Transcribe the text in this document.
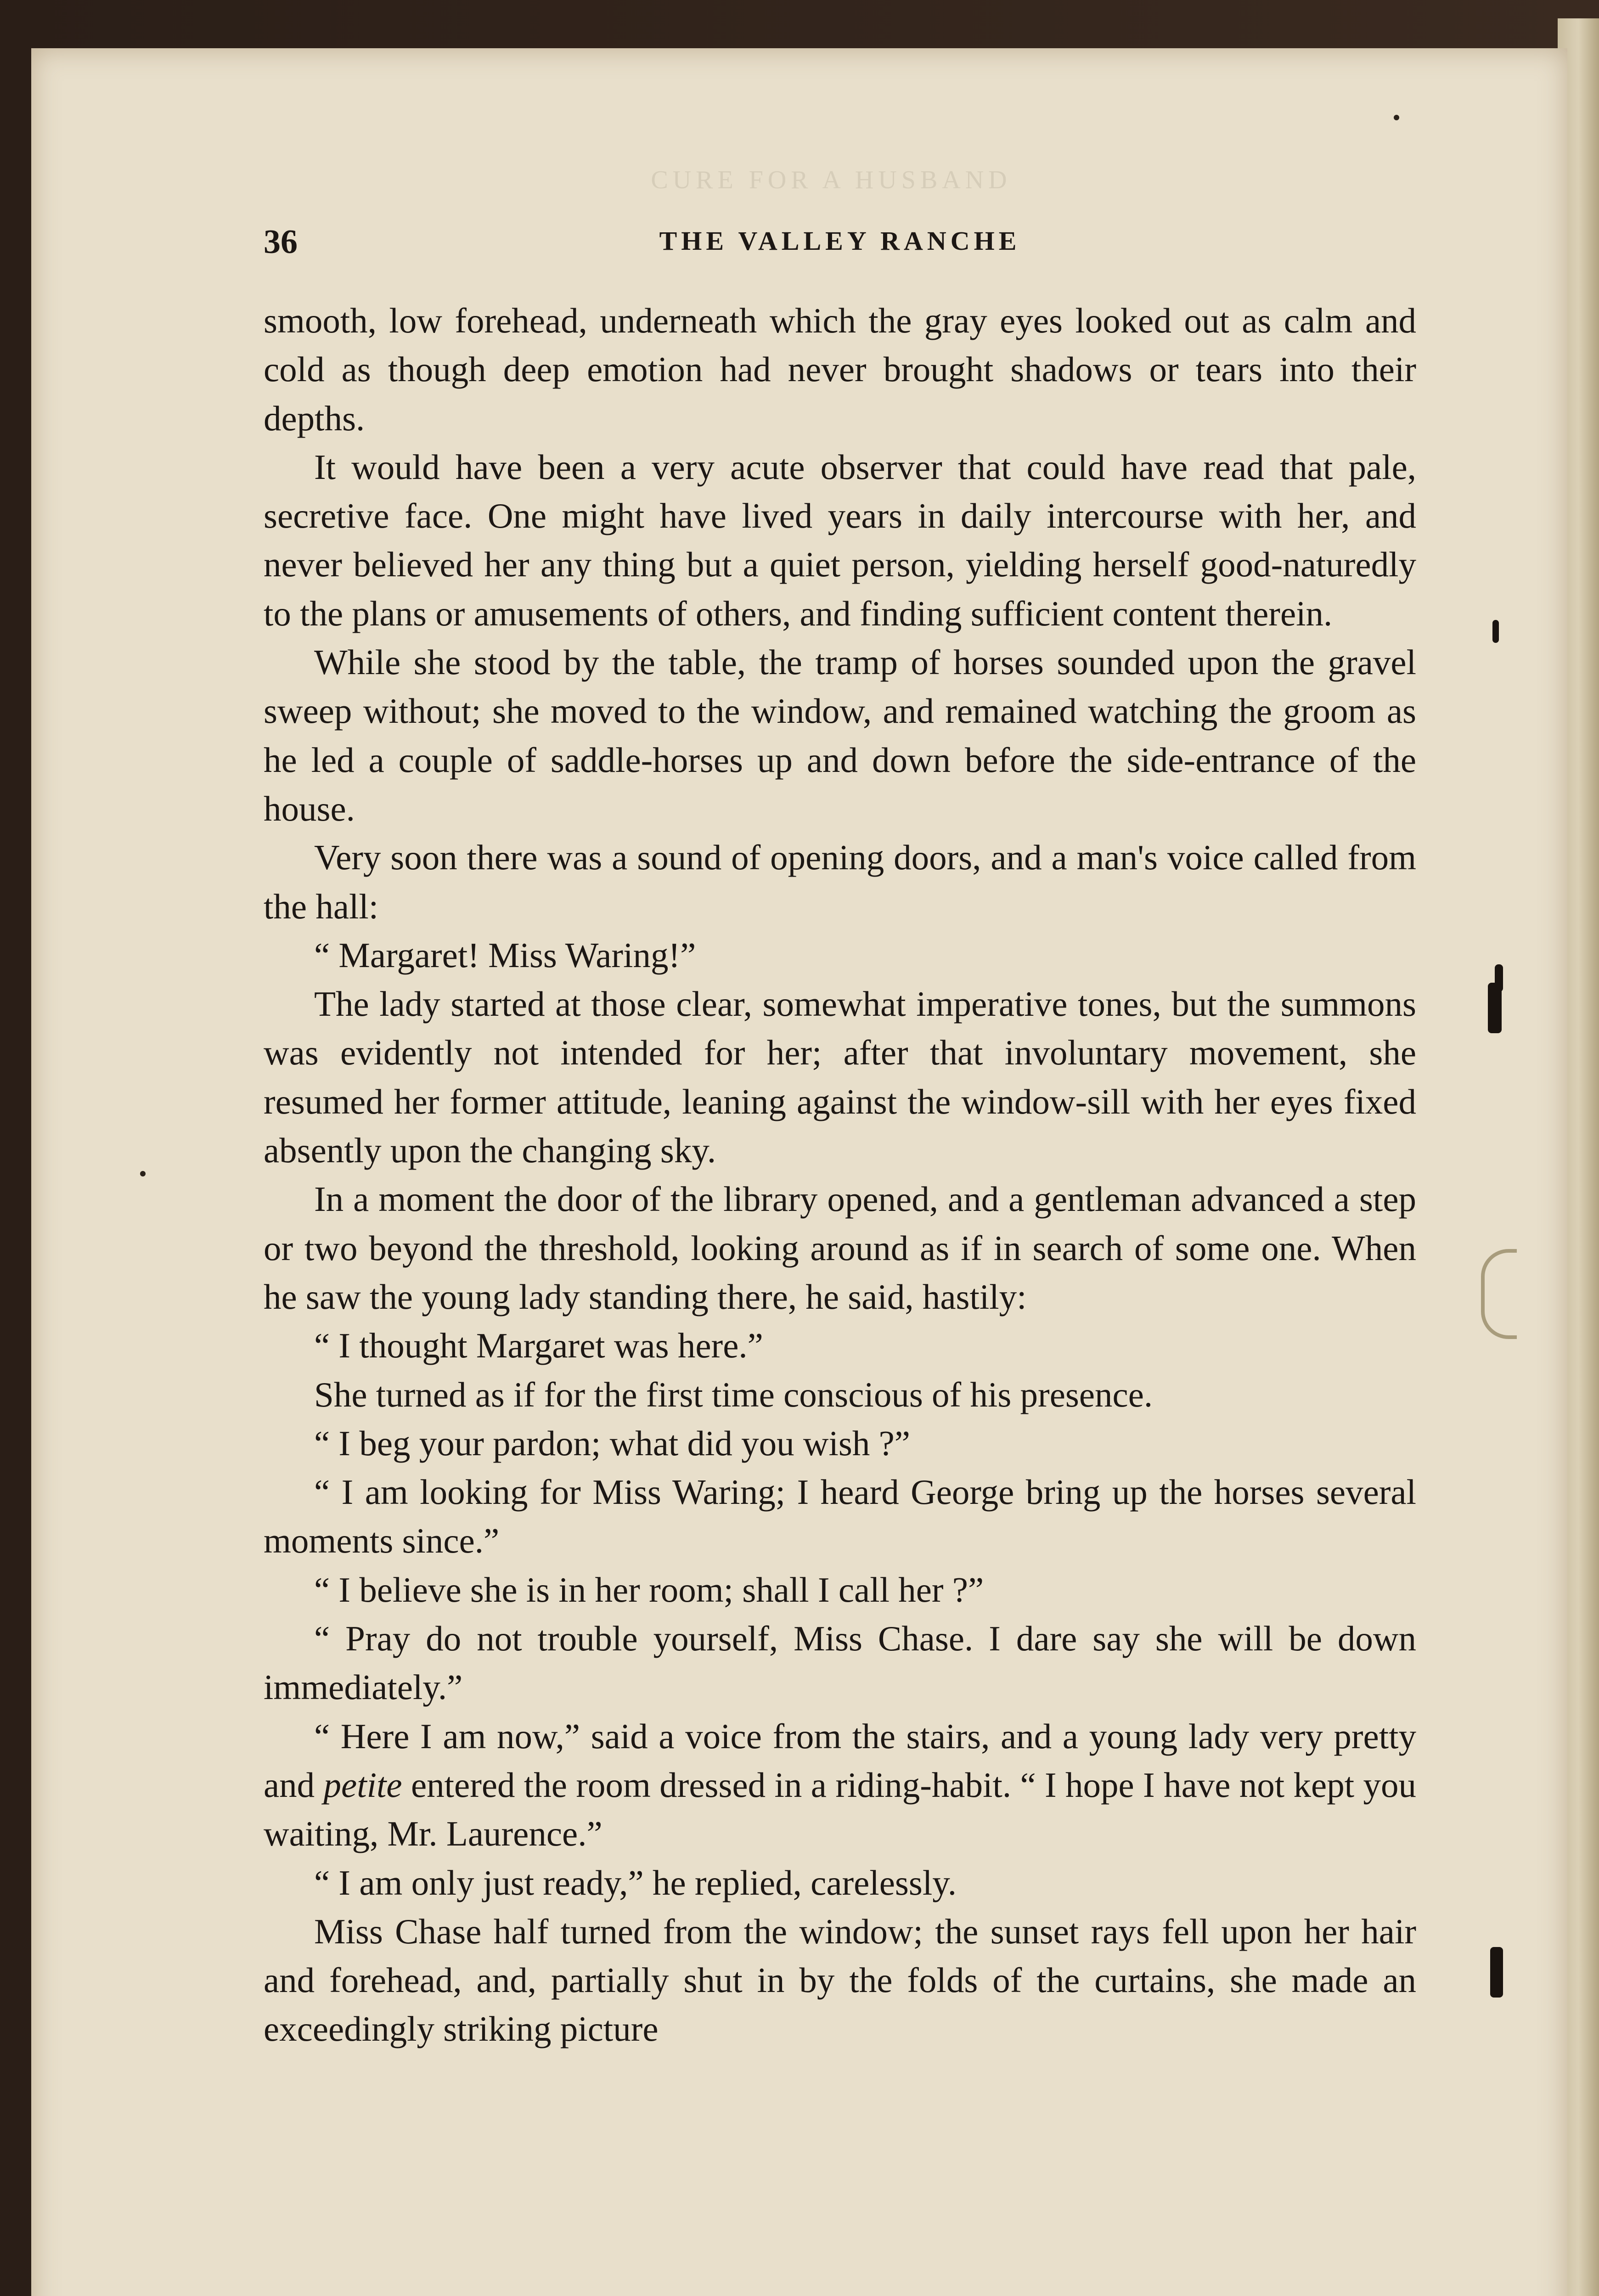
CURE FOR A HUSBAND
36	THE VALLEY RANCHE

smooth, low forehead, underneath which the gray eyes looked out as calm and cold as though deep emotion had never brought shadows or tears into their depths.

It would have been a very acute observer that could have read that pale, secretive face. One might have lived years in daily intercourse with her, and never believed her any thing but a quiet person, yielding herself good-naturedly to the plans or amusements of others, and finding sufficient content therein.

While she stood by the table, the tramp of horses sounded upon the gravel sweep without; she moved to the window, and remained watching the groom as he led a couple of saddle-horses up and down before the side-entrance of the house.

Very soon there was a sound of opening doors, and a man's voice called from the hall:

“ Margaret! Miss Waring!”

The lady started at those clear, somewhat imperative tones, but the summons was evidently not intended for her; after that involuntary movement, she resumed her former attitude, leaning against the window-sill with her eyes fixed absently upon the changing sky.

In a moment the door of the library opened, and a gentleman advanced a step or two beyond the threshold, looking around as if in search of some one. When he saw the young lady standing there, he said, hastily:

“ I thought Margaret was here.”

She turned as if for the first time conscious of his presence.

“ I beg your pardon; what did you wish ?”

“ I am looking for Miss Waring; I heard George bring up the horses several moments since.”

“ I believe she is in her room; shall I call her ?”

“ Pray do not trouble yourself, Miss Chase. I dare say she will be down immediately.”

“ Here I am now,” said a voice from the stairs, and a young lady very pretty and petite entered the room dressed in a riding-habit. “ I hope I have not kept you waiting, Mr. Laurence.”

“ I am only just ready,” he replied, carelessly.

Miss Chase half turned from the window; the sunset rays fell upon her hair and forehead, and, partially shut in by the folds of the curtains, she made an exceedingly striking picture
